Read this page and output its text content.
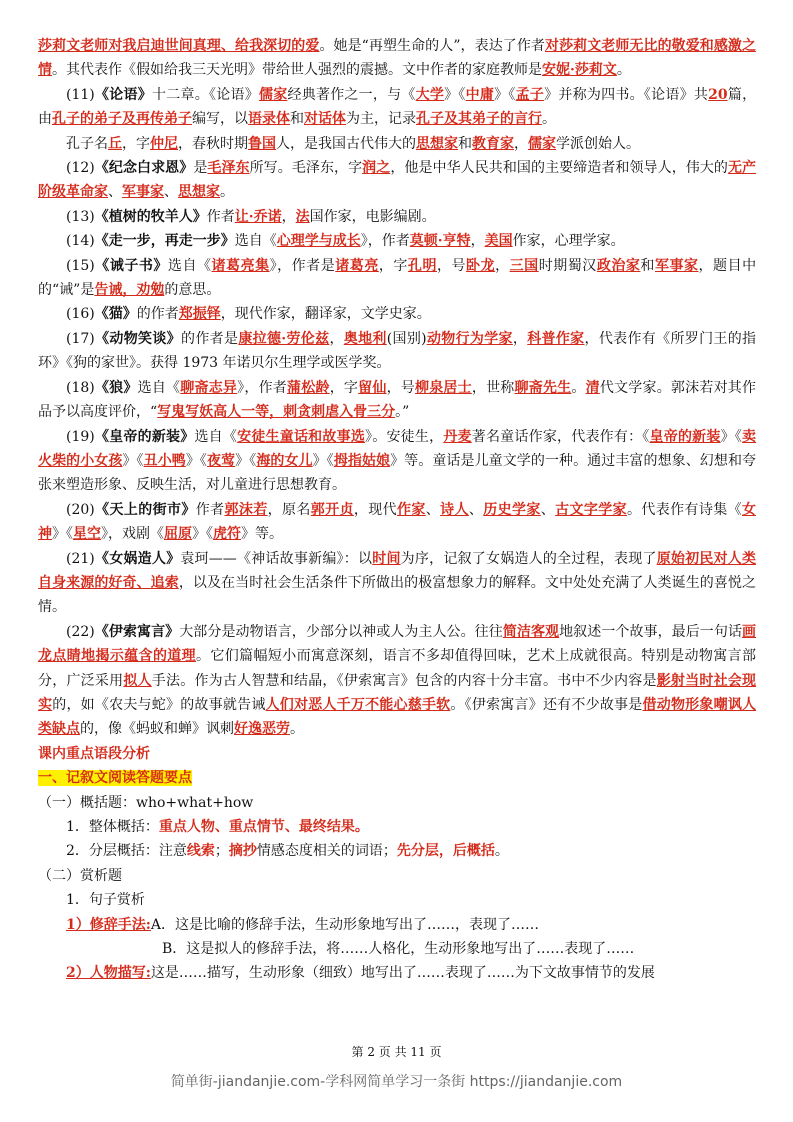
莎莉文老师对我启迪世间真理、给我深切的爱。她是“再塑生命的人”，表达了作者对莎莉文老师无比的敬爱和感激之情。其代表作《假如给我三天光明》带给世人强烈的震撼。文中作者的家庭教师是安妮·莎莉文。

(11)《论语》十二章。《论语》儒家经典著作之一，与《大学》《中庸》《孟子》并称为四书。《论语》共20篇，由孔子的弟子及再传弟子编写，以语录体和对话体为主，记录孔子及其弟子的言行。

孔子名丘，字仲尼，春秋时期鲁国人，是我国古代伟大的思想家和教育家，儒家学派创始人。

(12)《纪念白求恩》是毛泽东所写。毛泽东，字润之，他是中华人民共和国的主要缔造者和领导人，伟大的无产阶级革命家、军事家、思想家。

(13)《植树的牧羊人》作者让·乔诺，法国作家，电影编剧。

(14)《走一步，再走一步》选自《心理学与成长》，作者莫顿·亨特，美国作家，心理学家。

(15)《诫子书》选自《诸葛亮集》，作者是诸葛亮，字孔明，号卧龙，三国时期蜀汉政治家和军事家，题目中的“诫”是告诫，劝勉的意思。

(16)《猫》的作者郑振铎，现代作家，翻译家，文学史家。

(17)《动物笑谈》的作者是康拉德·劳伦兹，奥地利(国别)动物行为学家，科普作家，代表作有《所罗门王的指环》《狗的家世》。获得 1973 年诺贝尔生理学或医学奖。

(18)《狼》选自《聊斋志异》，作者蒲松龄，字留仙，号柳泉居士，世称聊斋先生。清代文学家。郭沫若对其作品予以高度评价，“写鬼写妖高人一等，刺贪刺虐入骨三分。”

(19)《皇帝的新装》选自《安徒生童话和故事选》。安徒生，丹麦著名童话作家，代表作有：《皇帝的新装》《卖火柴的小女孩》《丑小鸭》《夜莺》《海的女儿》《拇指姑娘》等。童话是儿童文学的一种。通过丰富的想象、幻想和夸张来塑造形象、反映生活，对儿童进行思想教育。

(20)《天上的街市》作者郭沫若，原名郭开贞，现代作家、诗人、历史学家、古文字学家。代表作有诗集《女神》《星空》，戏剧《屈原》《虎符》等。

(21)《女娲造人》袁珂——《神话故事新编》：以时间为序，记叙了女娲造人的全过程，表现了原始初民对人类自身来源的好奇、追索，以及在当时社会生活条件下所做出的极富想象力的解释。文中处处充满了人类诞生的喜悦之情。

(22)《伊索寓言》大部分是动物语言，少部分以神或人为主人公。往往简洁客观地叙述一个故事，最后一句话画龙点睛地揭示蕴含的道理。它们篇幅短小而寓意深刻，语言不多却值得回味，艺术上成就很高。特别是动物寓言部分，广泛采用拟人手法。作为古人智慧和结晶，《伊索寓言》包含的内容十分丰富。书中不少内容是影射当时社会现实的，如《农夫与蛇》的故事就告诫人们对恶人千万不能心慈手软。《伊索寓言》还有不少故事是借动物形象嘲讽人类缺点的，像《蚂蚁和蝉》讽刺好逸恶劳。

课内重点语段分析

一、记叙文阅读答题要点

（一）概括题：who+what+how

1．整体概括：重点人物、重点情节、最终结果。

2．分层概括：注意线索；摘抄情感态度相关的词语；先分层，后概括。

（二）赏析题

1．句子赏析

1）修辞手法:A．这是比喻的修辞手法，生动形象地写出了……，表现了……

B．这是拟人的修辞手法，将……人格化，生动形象地写出了……表现了……

2）人物描写:这是……描写，生动形象（细致）地写出了……表现了……为下文故事情节的发展

第 2 页 共 11 页
简单街-jiandanjie.com-学科网简单学习一条街 https://jiandanjie.com
